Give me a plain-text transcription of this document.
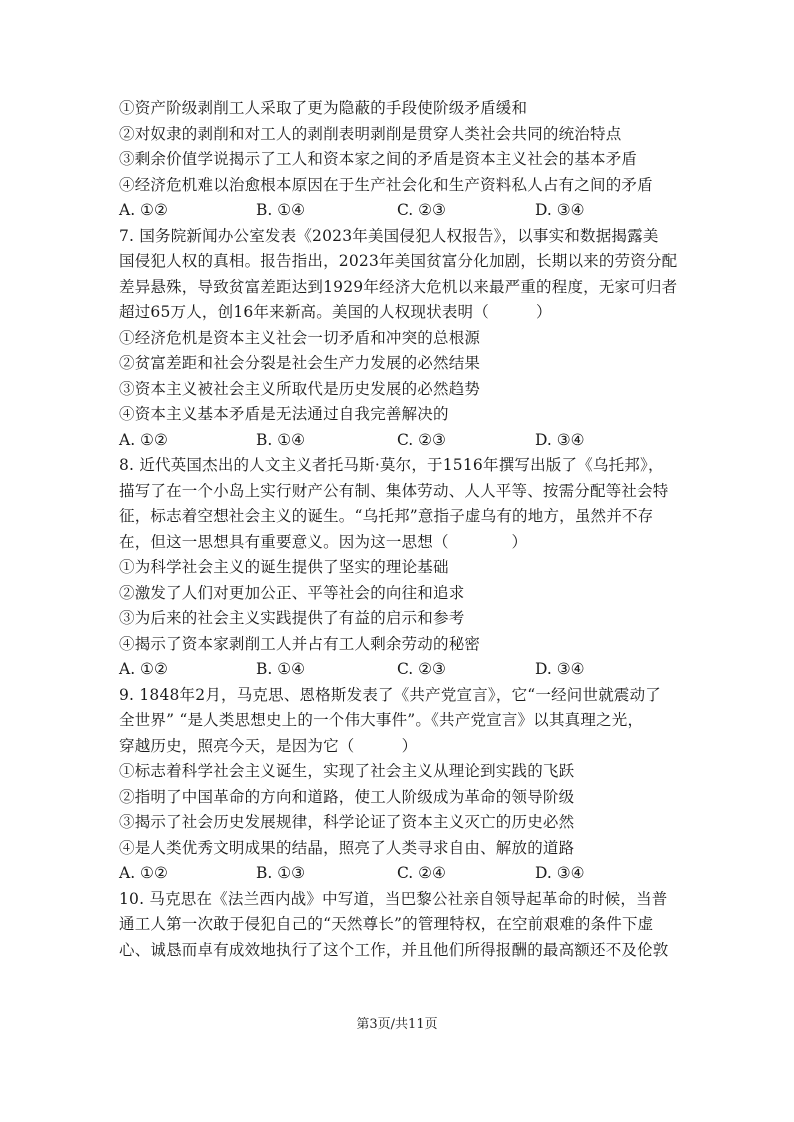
①资产阶级剥削工人采取了更为隐蔽的手段使阶级矛盾缓和
②对奴隶的剥削和对工人的剥削表明剥削是贯穿人类社会共同的统治特点
③剩余价值学说揭示了工人和资本家之间的矛盾是资本主义社会的基本矛盾
④经济危机难以治愈根本原因在于生产社会化和生产资料私人占有之间的矛盾
A. ①②	B. ①④	C. ②③	D. ③④
7. 国务院新闻办公室发表《2023年美国侵犯人权报告》，以事实和数据揭露美
国侵犯人权的真相。报告指出，2023年美国贫富分化加剧，长期以来的劳资分配
差异悬殊，导致贫富差距达到1929年经济大危机以来最严重的程度，无家可归者
超过65万人，创16年来新高。美国的人权现状表明（　　　）
①经济危机是资本主义社会一切矛盾和冲突的总根源
②贫富差距和社会分裂是社会生产力发展的必然结果
③资本主义被社会主义所取代是历史发展的必然趋势
④资本主义基本矛盾是无法通过自我完善解决的
A. ①②	B. ①④	C. ②③	D. ③④
8. 近代英国杰出的人文主义者托马斯·莫尔，于1516年撰写出版了《乌托邦》，
描写了在一个小岛上实行财产公有制、集体劳动、人人平等、按需分配等社会特
征，标志着空想社会主义的诞生。“乌托邦”意指子虚乌有的地方，虽然并不存
在，但这一思想具有重要意义。因为这一思想（　　　　）
①为科学社会主义的诞生提供了坚实的理论基础
②激发了人们对更加公正、平等社会的向往和追求
③为后来的社会主义实践提供了有益的启示和参考
④揭示了资本家剥削工人并占有工人剩余劳动的秘密
A. ①②	B. ①④	C. ②③	D. ③④
9. 1848年2月，马克思、恩格斯发表了《共产党宣言》，它“一经问世就震动了
全世界” “是人类思想史上的一个伟大事件”。《共产党宣言》以其真理之光，
穿越历史，照亮今天，是因为它（　　　）
①标志着科学社会主义诞生，实现了社会主义从理论到实践的飞跃
②指明了中国革命的方向和道路，使工人阶级成为革命的领导阶级
③揭示了社会历史发展规律，科学论证了资本主义灭亡的历史必然
④是人类优秀文明成果的结晶，照亮了人类寻求自由、解放的道路
A. ①②	B. ①③	C. ②④	D. ③④
10. 马克思在《法兰西内战》中写道，当巴黎公社亲自领导起革命的时候，当普
通工人第一次敢于侵犯自己的“天然尊长”的管理特权，在空前艰难的条件下虚
心、诚恳而卓有成效地执行了这个工作，并且他们所得报酬的最高额还不及伦敦
第3页/共11页
